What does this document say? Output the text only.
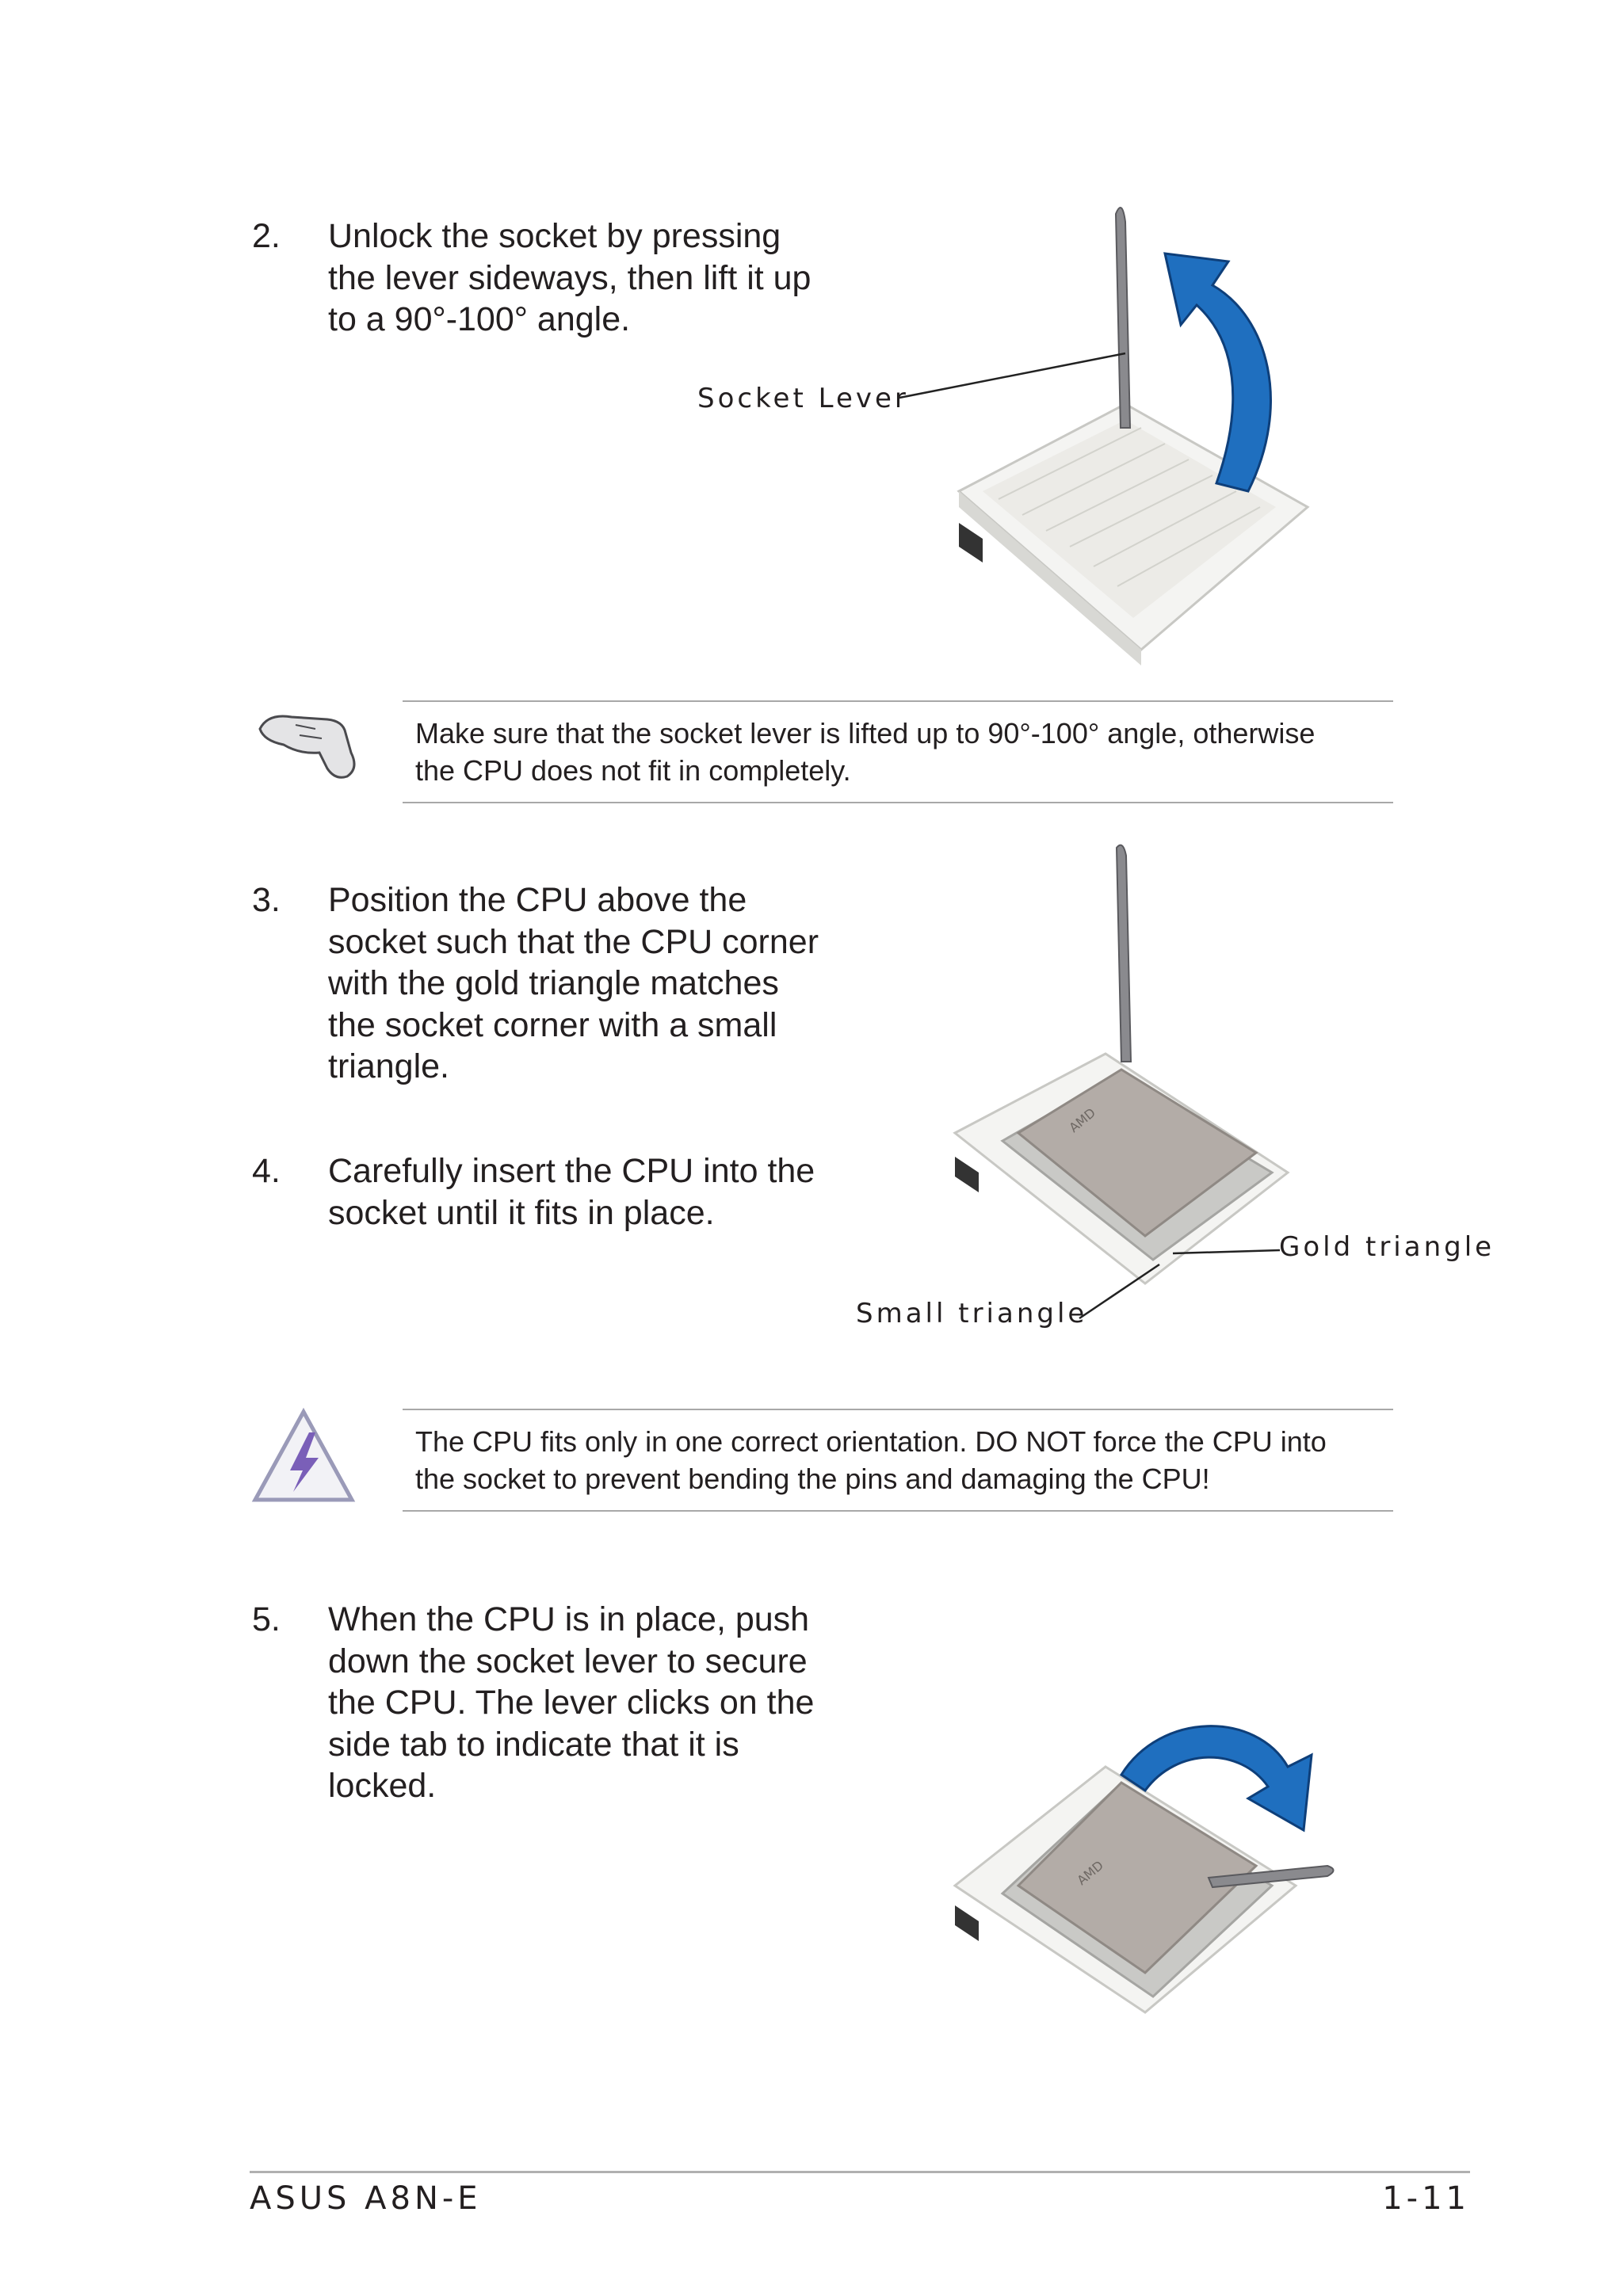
2. Unlock the socket by pressing
the lever sideways, then lift it up
to a 90°-100° angle.
Socket Lever
Make sure that the socket lever is lifted up to 90°-100° angle, otherwise
the CPU does not fit in completely.
3. Position the CPU above the
socket such that the CPU corner
with the gold triangle matches
the socket corner with a small
triangle.
4. Carefully insert the CPU into the
socket until it fits in place.
AMD
Gold triangle
Small triangle
The CPU fits only in one correct orientation. DO NOT force the CPU into
the socket to prevent bending the pins and damaging the CPU!
5. When the CPU is in place, push
down the socket lever to secure
the CPU. The lever clicks on the
side tab to indicate that it is
locked.
AMD
ASUS A8N-E	1-11
